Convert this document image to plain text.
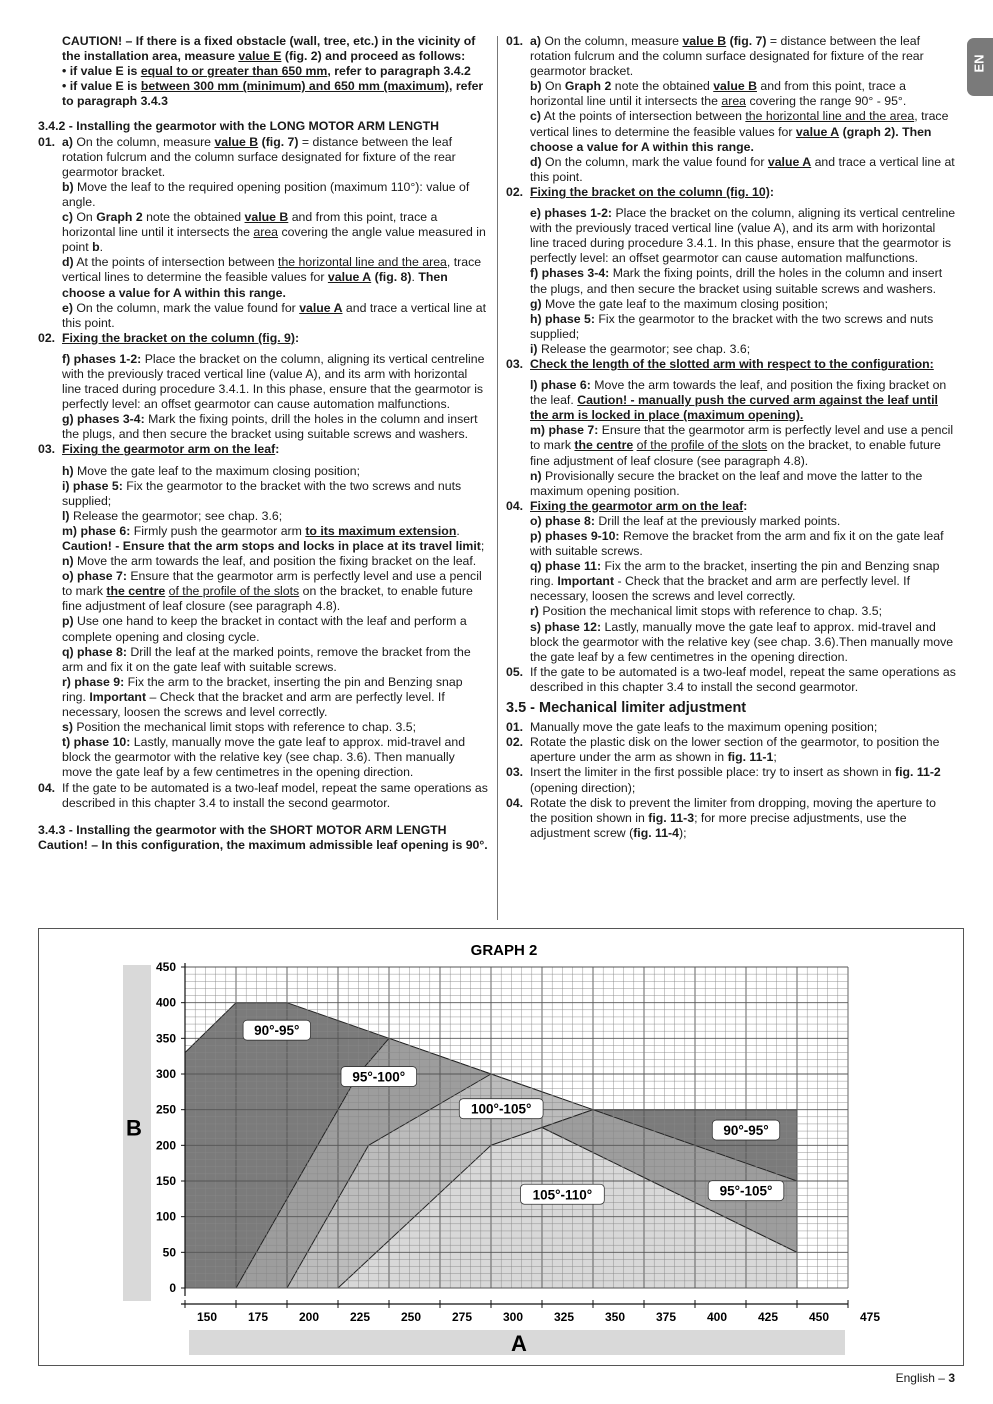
EN
CAUTION! – If there is a fixed obstacle (wall, tree, etc.) in the vicinity of the installation area, measure value E (fig. 2) and proceed as follows:
• if value E is equal to or greater than 650 mm, refer to paragraph 3.4.2
• if value E is between 300 mm (minimum) and 650 mm (maximum), refer to paragraph 3.4.3
3.4.2 - Installing the gearmotor with the LONG MOTOR ARM LENGTH
01. a) On the column, measure value B (fig. 7) = distance between the leaf rotation fulcrum and the column surface designated for fixture of the rear gearmotor bracket.
b) Move the leaf to the required opening position (maximum 110°): value of angle.
c) On Graph 2 note the obtained value B and from this point, trace a horizontal line until it intersects the area covering the angle value measured in point b.
d) At the points of intersection between the horizontal line and the area, trace vertical lines to determine the feasible values for value A (fig. 8). Then choose a value for A within this range.
e) On the column, mark the value found for value A and trace a vertical line at this point.
02. Fixing the bracket on the column (fig. 9):
f) phases 1-2: Place the bracket on the column, aligning its vertical centreline with the previously traced vertical line (value A), and its arm with horizontal line traced during procedure 3.4.1. In this phase, ensure that the gearmotor is perfectly level: an offset gearmotor can cause automation malfunctions.
g) phases 3-4: Mark the fixing points, drill the holes in the column and insert the plugs, and then secure the bracket using suitable screws and washers.
03. Fixing the gearmotor arm on the leaf:
h) Move the gate leaf to the maximum closing position;
i) phase 5: Fix the gearmotor to the bracket with the two screws and nuts supplied;
l) Release the gearmotor; see chap. 3.6;
m) phase 6: Firmly push the gearmotor arm to its maximum extension. Caution! - Ensure that the arm stops and locks in place at its travel limit;
n) Move the arm towards the leaf, and position the fixing bracket on the leaf.
o) phase 7: Ensure that the gearmotor arm is perfectly level and use a pencil to mark the centre of the profile of the slots on the bracket, to enable future fine adjustment of leaf closure (see paragraph 4.8).
p) Use one hand to keep the bracket in contact with the leaf and perform a complete opening and closing cycle.
q) phase 8: Drill the leaf at the marked points, remove the bracket from the arm and fix it on the gate leaf with suitable screws.
r) phase 9: Fix the arm to the bracket, inserting the pin and Benzing snap ring. Important – Check that the bracket and arm are perfectly level. If necessary, loosen the screws and level correctly.
s) Position the mechanical limit stops with reference to chap. 3.5;
t) phase 10: Lastly, manually move the gate leaf to approx. mid-travel and block the gearmotor with the relative key (see chap. 3.6). Then manually move the gate leaf by a few centimetres in the opening direction.
04. If the gate to be automated is a two-leaf model, repeat the same operations as described in this chapter 3.4 to install the second gearmotor.
3.4.3 - Installing the gearmotor with the SHORT MOTOR ARM LENGTH
Caution! – In this configuration, the maximum admissible leaf opening is 90°.
01. a) On the column, measure value B (fig. 7) = distance between the leaf rotation fulcrum and the column surface designated for fixture of the rear gearmotor bracket.
b) On Graph 2 note the obtained value B and from this point, trace a horizontal line until it intersects the area covering the range 90° - 95°.
c) At the points of intersection between the horizontal line and the area, trace vertical lines to determine the feasible values for value A (graph 2). Then choose a value for A within this range.
d) On the column, mark the value found for value A and trace a vertical line at this point.
02. Fixing the bracket on the column (fig. 10):
e) phases 1-2: Place the bracket on the column, aligning its vertical centreline with the previously traced vertical line (value A), and its arm with horizontal line traced during procedure 3.4.1. In this phase, ensure that the gearmotor is perfectly level: an offset gearmotor can cause automation malfunctions.
f) phases 3-4: Mark the fixing points, drill the holes in the column and insert the plugs, and then secure the bracket using suitable screws and washers.
g) Move the gate leaf to the maximum closing position;
h) phase 5: Fix the gearmotor to the bracket with the two screws and nuts supplied;
i) Release the gearmotor; see chap. 3.6;
03. Check the length of the slotted arm with respect to the configuration:
l) phase 6: Move the arm towards the leaf, and position the fixing bracket on the leaf. Caution! - manually push the curved arm against the leaf until the arm is locked in place (maximum opening).
m) phase 7: Ensure that the gearmotor arm is perfectly level and use a pencil to mark the centre of the profile of the slots on the bracket, to enable future fine adjustment of leaf closure (see paragraph 4.8).
n) Provisionally secure the bracket on the leaf and move the latter to the maximum opening position.
04. Fixing the gearmotor arm on the leaf:
o) phase 8: Drill the leaf at the previously marked points.
p) phases 9-10: Remove the bracket from the arm and fix it on the gate leaf with suitable screws.
q) phase 11: Fix the arm to the bracket, inserting the pin and Benzing snap ring. Important - Check that the bracket and arm are perfectly level. If necessary, loosen the screws and level correctly.
r) Position the mechanical limit stops with reference to chap. 3.5;
s) phase 12: Lastly, manually move the gate leaf to approx. mid-travel and block the gearmotor with the relative key (see chap. 3.6).Then manually move the gate leaf by a few centimetres in the opening direction.
05. If the gate to be automated is a two-leaf model, repeat the same operations as described in this chapter 3.4 to install the second gearmotor.
3.5 - Mechanical limiter adjustment
01. Manually move the gate leafs to the maximum opening position;
02. Rotate the plastic disk on the lower section of the gearmotor, to position the aperture under the arm as shown in fig. 11-1;
03. Insert the limiter in the first possible place: try to insert as shown in fig. 11-2 (opening direction);
04. Rotate the disk to prevent the limiter from dropping, moving the aperture to the position shown in fig. 11-3; for more precise adjustments, use the adjustment screw (fig. 11-4);
150	175	200	225	250	275	300	325	350	375	400	425	450	475
0
50
100
150
200
250
300
350
400
450
GRAPH 2
B
A
90°-95°
95°-100°
100°-105°
105°-110°	95°-105°
90°-95°
English – 3
